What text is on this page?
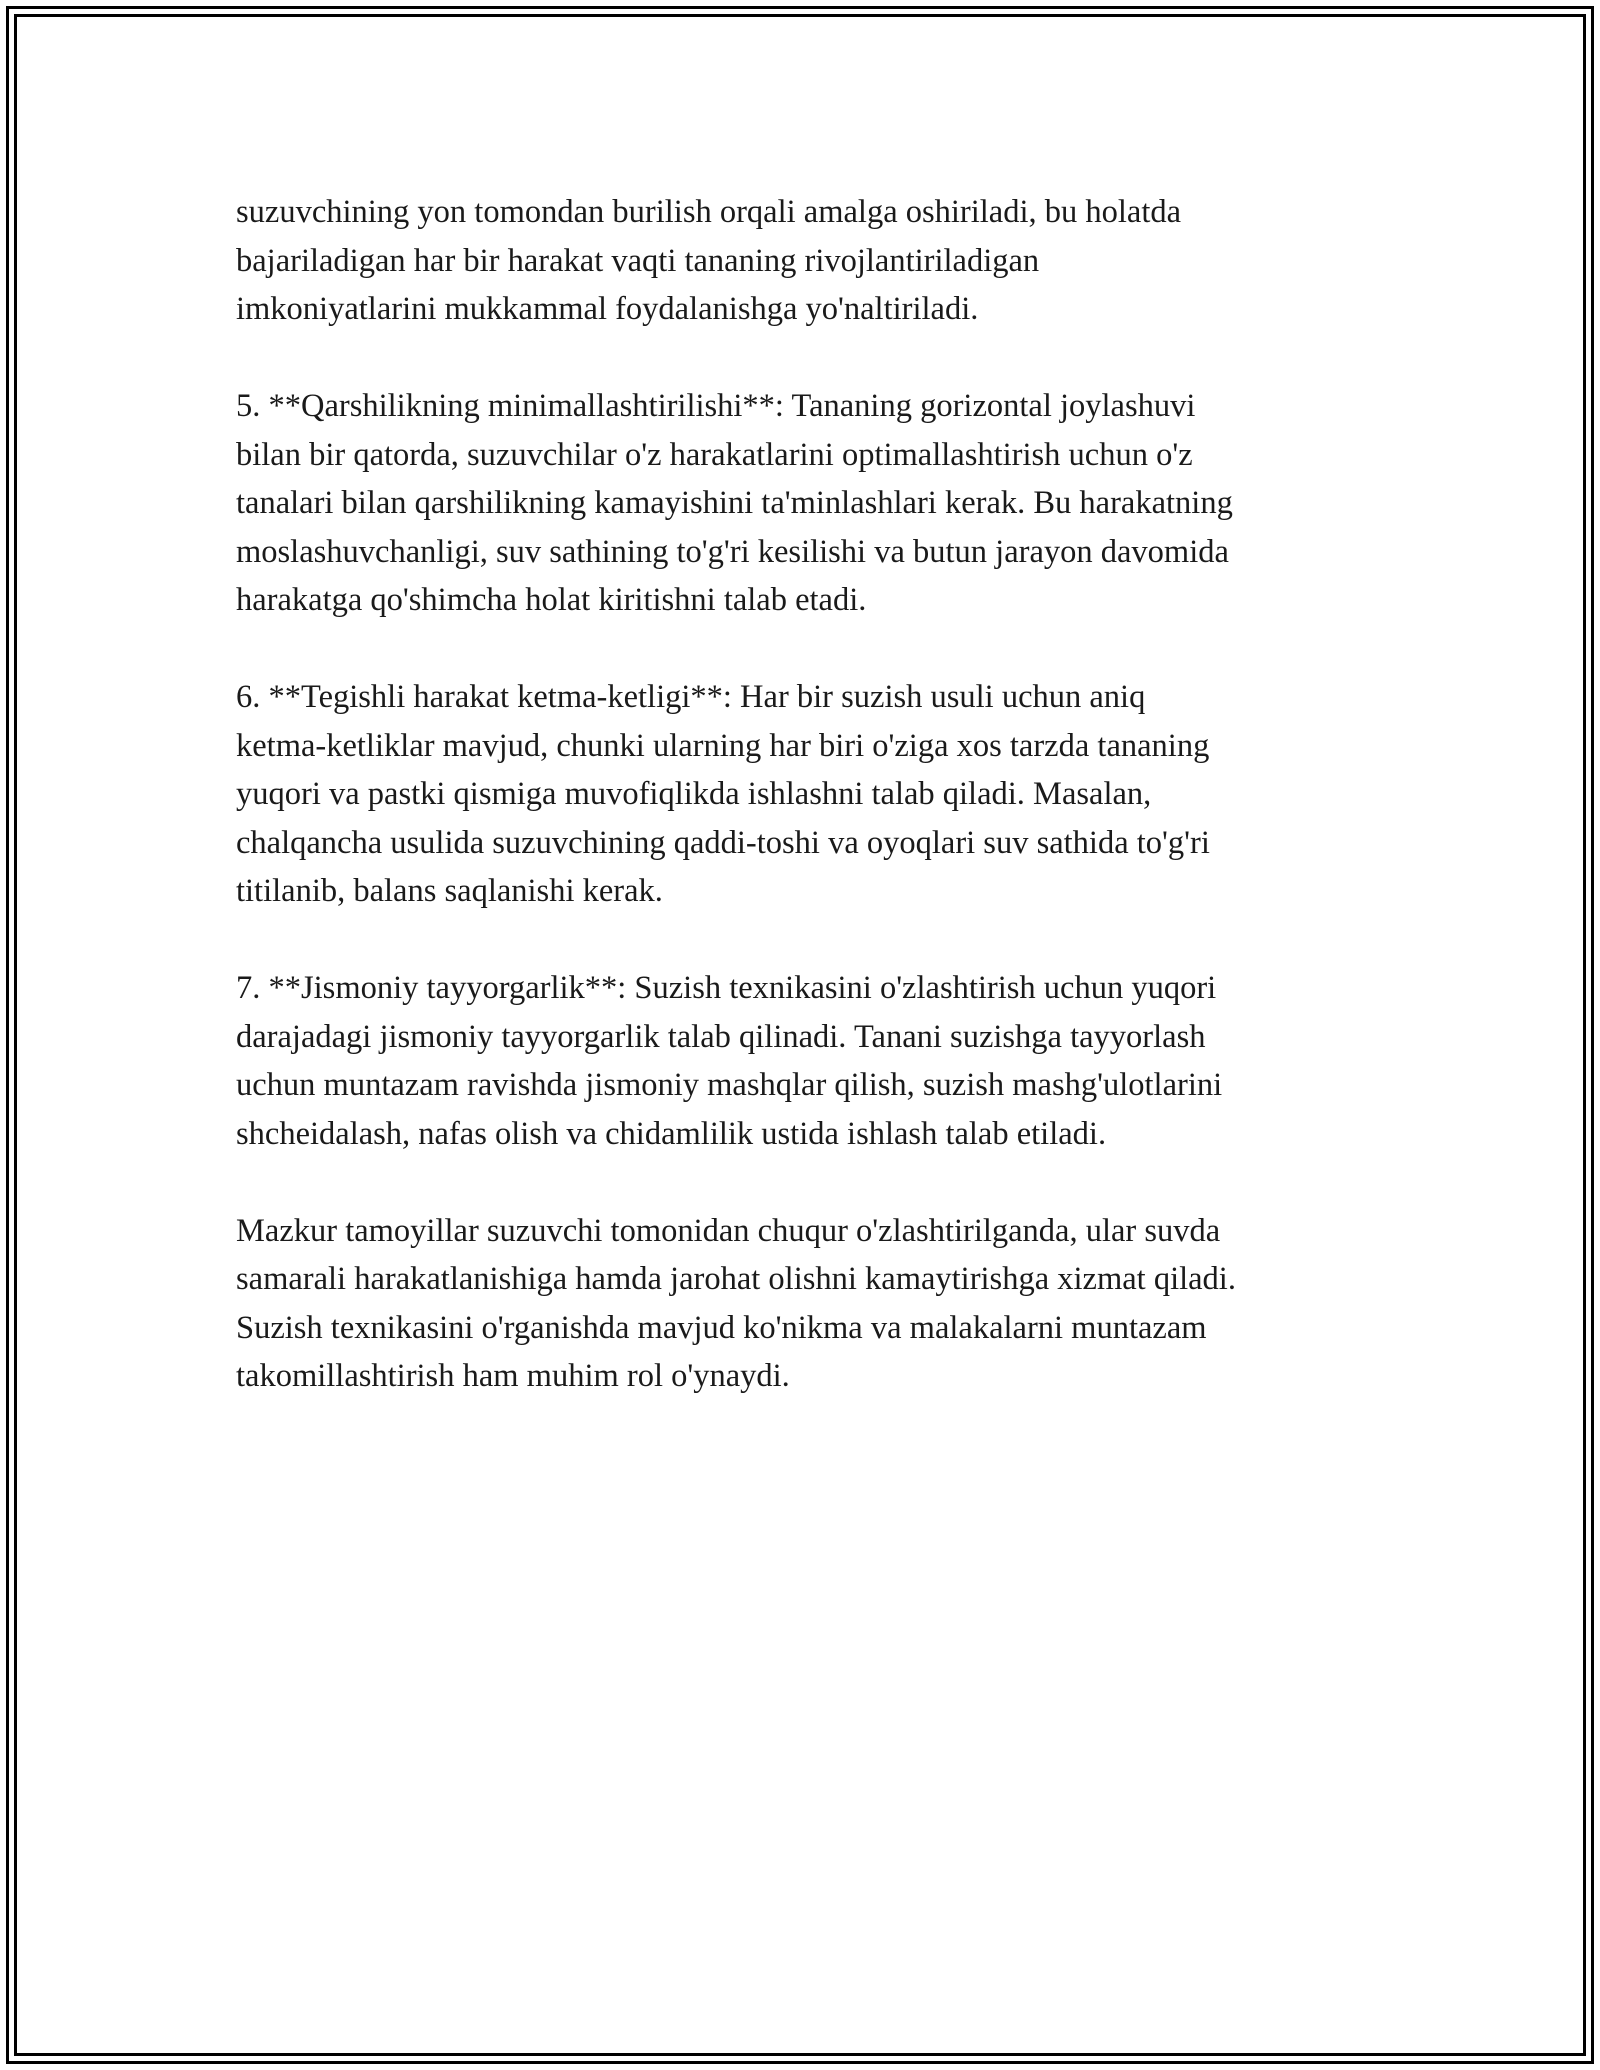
suzuvchining yon tomondan burilish orqali amalga oshiriladi, bu holatda
bajariladigan har bir harakat vaqti tananing rivojlantiriladigan
imkoniyatlarini mukkammal foydalanishga yo'naltiriladi.

5. **Qarshilikning minimallashtirilishi**: Tananing gorizontal joylashuvi
bilan bir qatorda, suzuvchilar o'z harakatlarini optimallashtirish uchun o'z
tanalari bilan qarshilikning kamayishini ta'minlashlari kerak. Bu harakatning
moslashuvchanligi, suv sathining to'g'ri kesilishi va butun jarayon davomida
harakatga qo'shimcha holat kiritishni talab etadi.

6. **Tegishli harakat ketma-ketligi**: Har bir suzish usuli uchun aniq
ketma-ketliklar mavjud, chunki ularning har biri o'ziga xos tarzda tananing
yuqori va pastki qismiga muvofiqlikda ishlashni talab qiladi. Masalan,
chalqancha usulida suzuvchining qaddi-toshi va oyoqlari suv sathida to'g'ri
titilanib, balans saqlanishi kerak.

7. **Jismoniy tayyorgarlik**: Suzish texnikasini o'zlashtirish uchun yuqori
darajadagi jismoniy tayyorgarlik talab qilinadi. Tanani suzishga tayyorlash
uchun muntazam ravishda jismoniy mashqlar qilish, suzish mashg'ulotlarini
shcheidalash, nafas olish va chidamlilik ustida ishlash talab etiladi.

Mazkur tamoyillar suzuvchi tomonidan chuqur o'zlashtirilganda, ular suvda
samarali harakatlanishiga hamda jarohat olishni kamaytirishga xizmat qiladi.
Suzish texnikasini o'rganishda mavjud ko'nikma va malakalarni muntazam
takomillashtirish ham muhim rol o'ynaydi.
